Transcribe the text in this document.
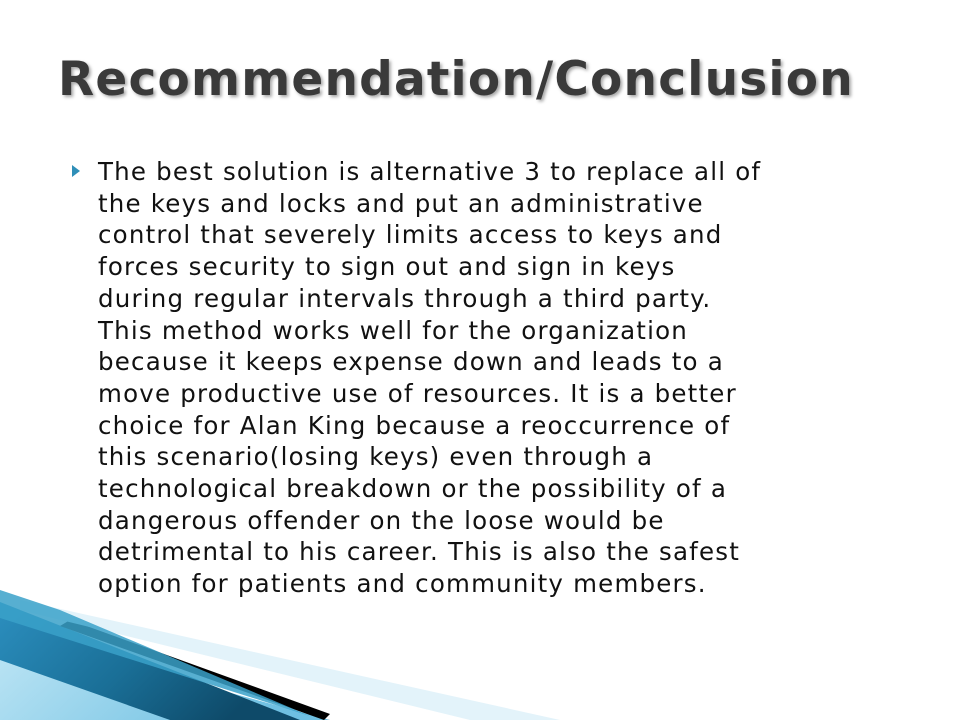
Recommendation/Conclusion
The best solution is alternative 3 to replace all of
the keys and locks and put an administrative
control that severely limits access to keys and
forces security to sign out and sign in keys
during regular intervals through a third party.
This method works well for the organization
because it keeps expense down and leads to a
move productive use of resources. It is a better
choice for Alan King because a reoccurrence of
this scenario(losing keys) even through a
technological breakdown or the possibility of a
dangerous offender on the loose would be
detrimental to his career. This is also the safest
option for patients and community members.
